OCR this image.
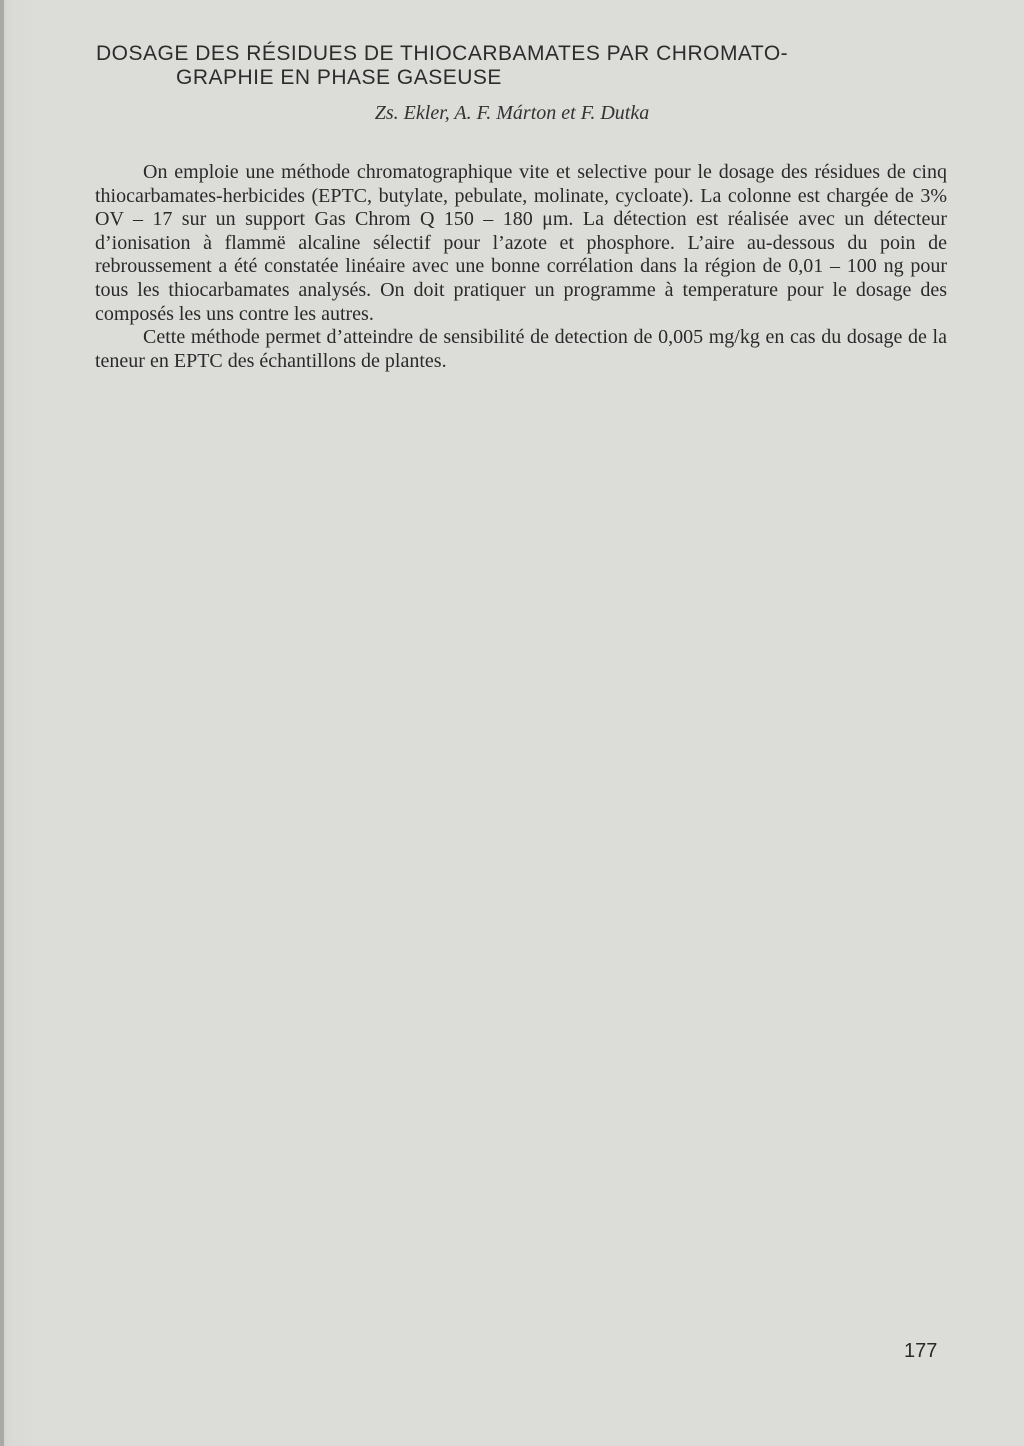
DOSAGE DES RÉSIDUES DE THIOCARBAMATES PAR CHROMATO-
GRAPHIE EN PHASE GASEUSE
Zs. Ekler, A. F. Márton et F. Dutka

On emploie une méthode chromatographique vite et selective pour le dosage des résidues de cinq thiocarbamates-herbicides (EPTC, butylate, pebulate, molinate, cycloate). La colonne est chargée de 3% OV – 17 sur un support Gas Chrom Q 150 – 180 μm. La détection est réalisée avec un détecteur d’ionisation à flammë alcaline sélectif pour l’azote et phosphore. L’aire au-dessous du poin de rebroussement a été constatée linéaire avec une bonne corrélation dans la région de 0,01 – 100 ng pour tous les thiocarbamates analysés. On doit pratiquer un programme à temperature pour le dosage des composés les uns contre les autres.

Cette méthode permet d’atteindre de sensibilité de detection de 0,005 mg/kg en cas du dosage de la teneur en EPTC des échantillons de plantes.

177
